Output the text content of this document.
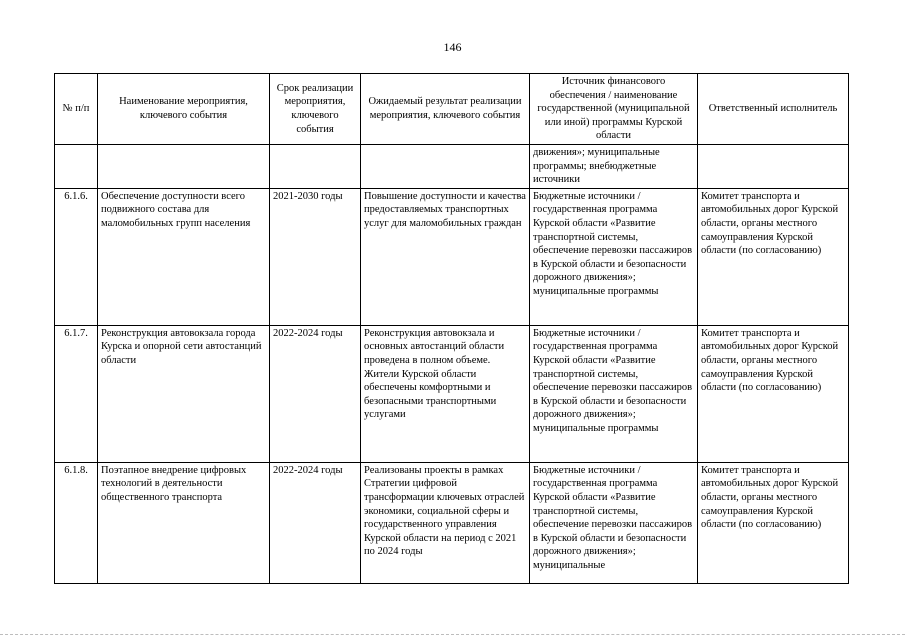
146
№ п/п	Наименование мероприятия, ключевого события	Срок реализации мероприятия, ключевого события	Ожидаемый результат реализации мероприятия, ключевого события	Источник финансового обеспечения / наименование государственной (муниципальной или иной) программы Курской области	Ответственный исполнитель
				движения»; муниципальные программы; внебюджетные источники	
6.1.6.	Обеспечение доступности всего подвижного состава для маломобильных групп населения	2021-2030 годы	Повышение доступности и качества предоставляемых транспортных услуг для маломобильных граждан	Бюджетные источники / государственная программа Курской области «Развитие транспортной системы, обеспечение перевозки пассажиров в Курской области и безопасности дорожного движения»; муниципальные программы	Комитет транспорта и автомобильных дорог Курской области, органы местного самоуправления Курской области (по согласованию)
6.1.7.	Реконструкция автовокзала города Курска и опорной сети автостанций области	2022-2024 годы	Реконструкция автовокзала и основных автостанций области проведена в полном объеме. Жители Курской области обеспечены комфортными и безопасными транспортными услугами	Бюджетные источники / государственная программа Курской области «Развитие транспортной системы, обеспечение перевозки пассажиров в Курской области и безопасности дорожного движения»; муниципальные программы	Комитет транспорта и автомобильных дорог Курской области, органы местного самоуправления Курской области (по согласованию)
6.1.8.	Поэтапное внедрение цифровых технологий в деятельности общественного транспорта	2022-2024 годы	Реализованы проекты в рамках Стратегии цифровой трансформации ключевых отраслей экономики, социальной сферы и государственного управления Курской области на период с 2021 по 2024 годы	Бюджетные источники / государственная программа Курской области «Развитие транспортной системы, обеспечение перевозки пассажиров в Курской области и безопасности дорожного движения»; муниципальные	Комитет транспорта и автомобильных дорог Курской области, органы местного самоуправления Курской области (по согласованию)
